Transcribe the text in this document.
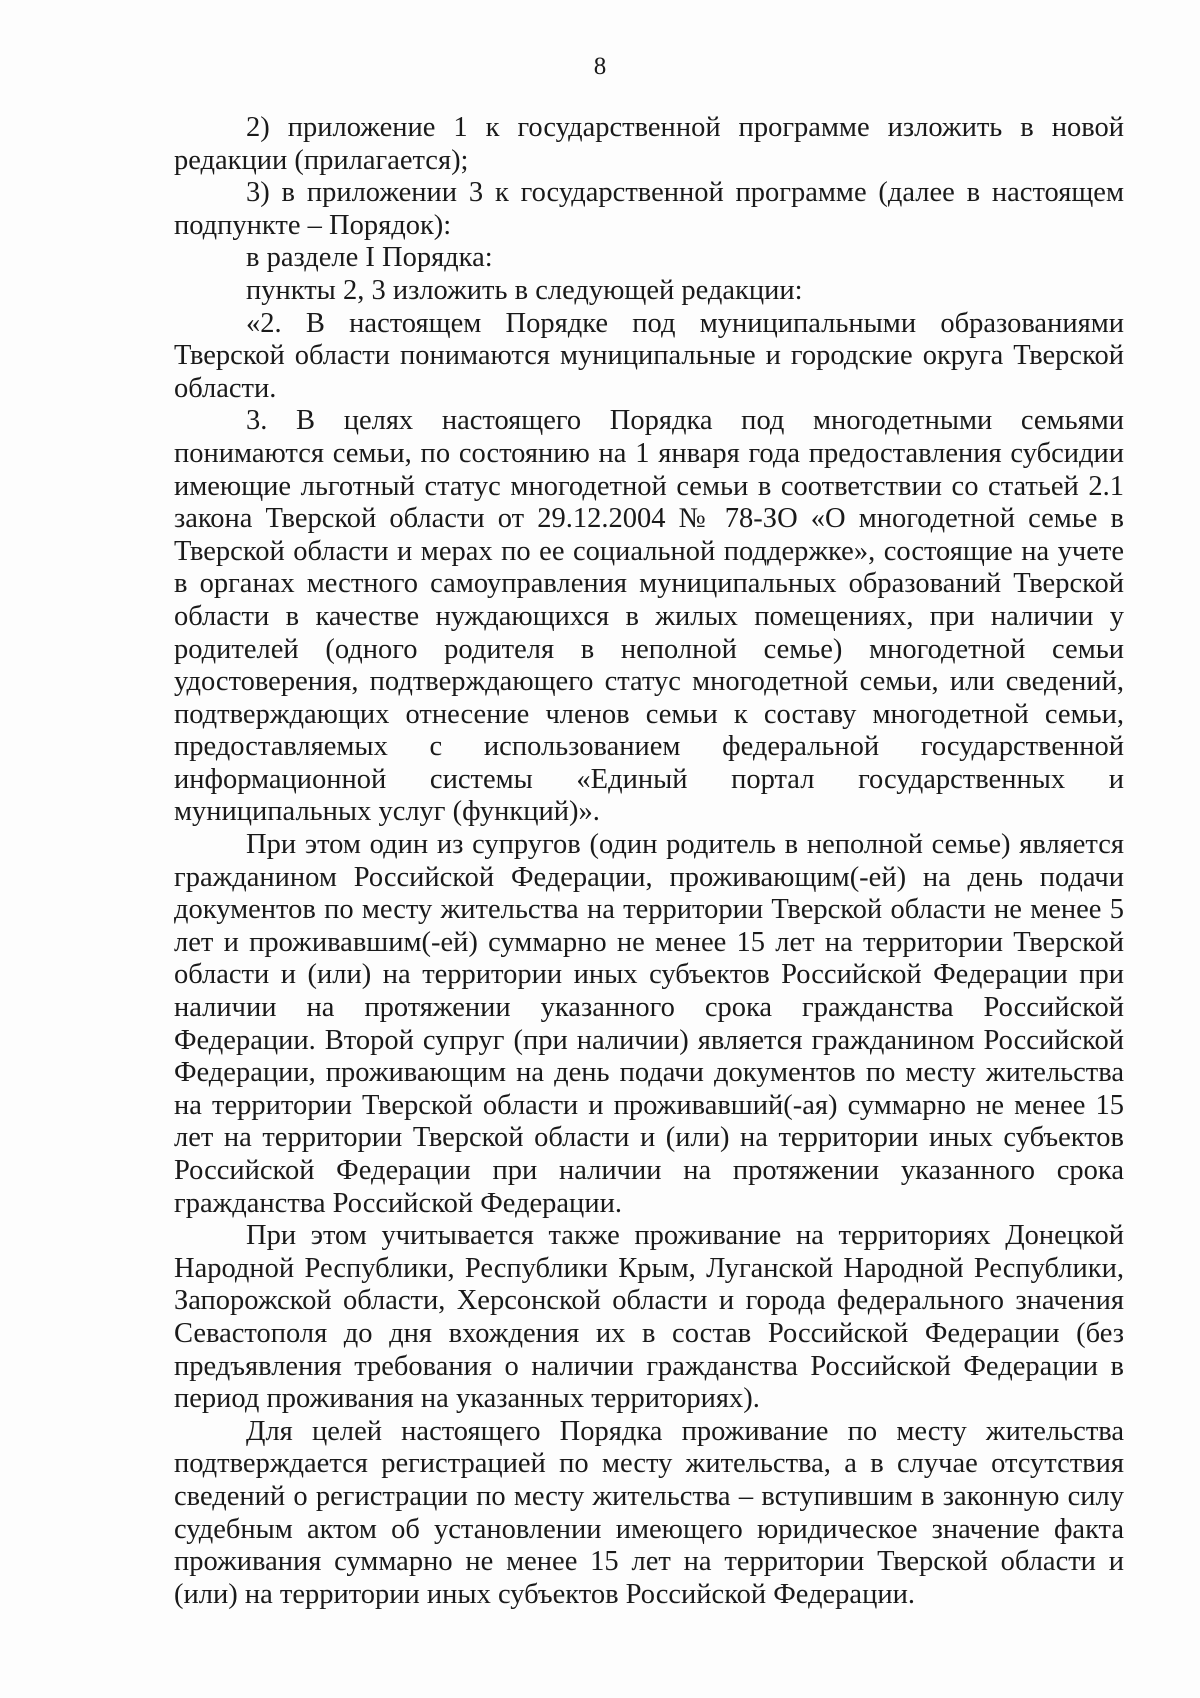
8

2) приложение 1 к государственной программе изложить в новой редакции (прилагается);

3) в приложении 3 к государственной программе (далее в настоящем подпункте – Порядок):

в разделе I Порядка:

пункты 2, 3 изложить в следующей редакции:

«2. В настоящем Порядке под муниципальными образованиями Тверской области понимаются муниципальные и городские округа Тверской области.

3. В целях настоящего Порядка под многодетными семьями понимаются семьи, по состоянию на 1 января года предоставления субсидии имеющие льготный статус многодетной семьи в соответствии со статьей 2.1 закона Тверской области от 29.12.2004 № 78-ЗО «О многодетной семье в Тверской области и мерах по ее социальной поддержке», состоящие на учете в органах местного самоуправления муниципальных образований Тверской области в качестве нуждающихся в жилых помещениях, при наличии у родителей (одного родителя в неполной семье) многодетной семьи удостоверения, подтверждающего статус многодетной семьи, или сведений, подтверждающих отнесение членов семьи к составу многодетной семьи, предоставляемых с использованием федеральной государственной информационной системы «Единый портал государственных и муниципальных услуг (функций)».

При этом один из супругов (один родитель в неполной семье) является гражданином Российской Федерации, проживающим(-ей) на день подачи документов по месту жительства на территории Тверской области не менее 5 лет и проживавшим(-ей) суммарно не менее 15 лет на территории Тверской области и (или) на территории иных субъектов Российской Федерации при наличии на протяжении указанного срока гражданства Российской Федерации. Второй супруг (при наличии) является гражданином Российской Федерации, проживающим на день подачи документов по месту жительства на территории Тверской области и проживавший(-ая) суммарно не менее 15 лет на территории Тверской области и (или) на территории иных субъектов Российской Федерации при наличии на протяжении указанного срока гражданства Российской Федерации.

При этом учитывается также проживание на территориях Донецкой Народной Республики, Республики Крым, Луганской Народной Республики, Запорожской области, Херсонской области и города федерального значения Севастополя до дня вхождения их в состав Российской Федерации (без предъявления требования о наличии гражданства Российской Федерации в период проживания на указанных территориях).

Для целей настоящего Порядка проживание по месту жительства подтверждается регистрацией по месту жительства, а в случае отсутствия сведений о регистрации по месту жительства – вступившим в законную силу судебным актом об установлении имеющего юридическое значение факта проживания суммарно не менее 15 лет на территории Тверской области и (или) на территории иных субъектов Российской Федерации.
